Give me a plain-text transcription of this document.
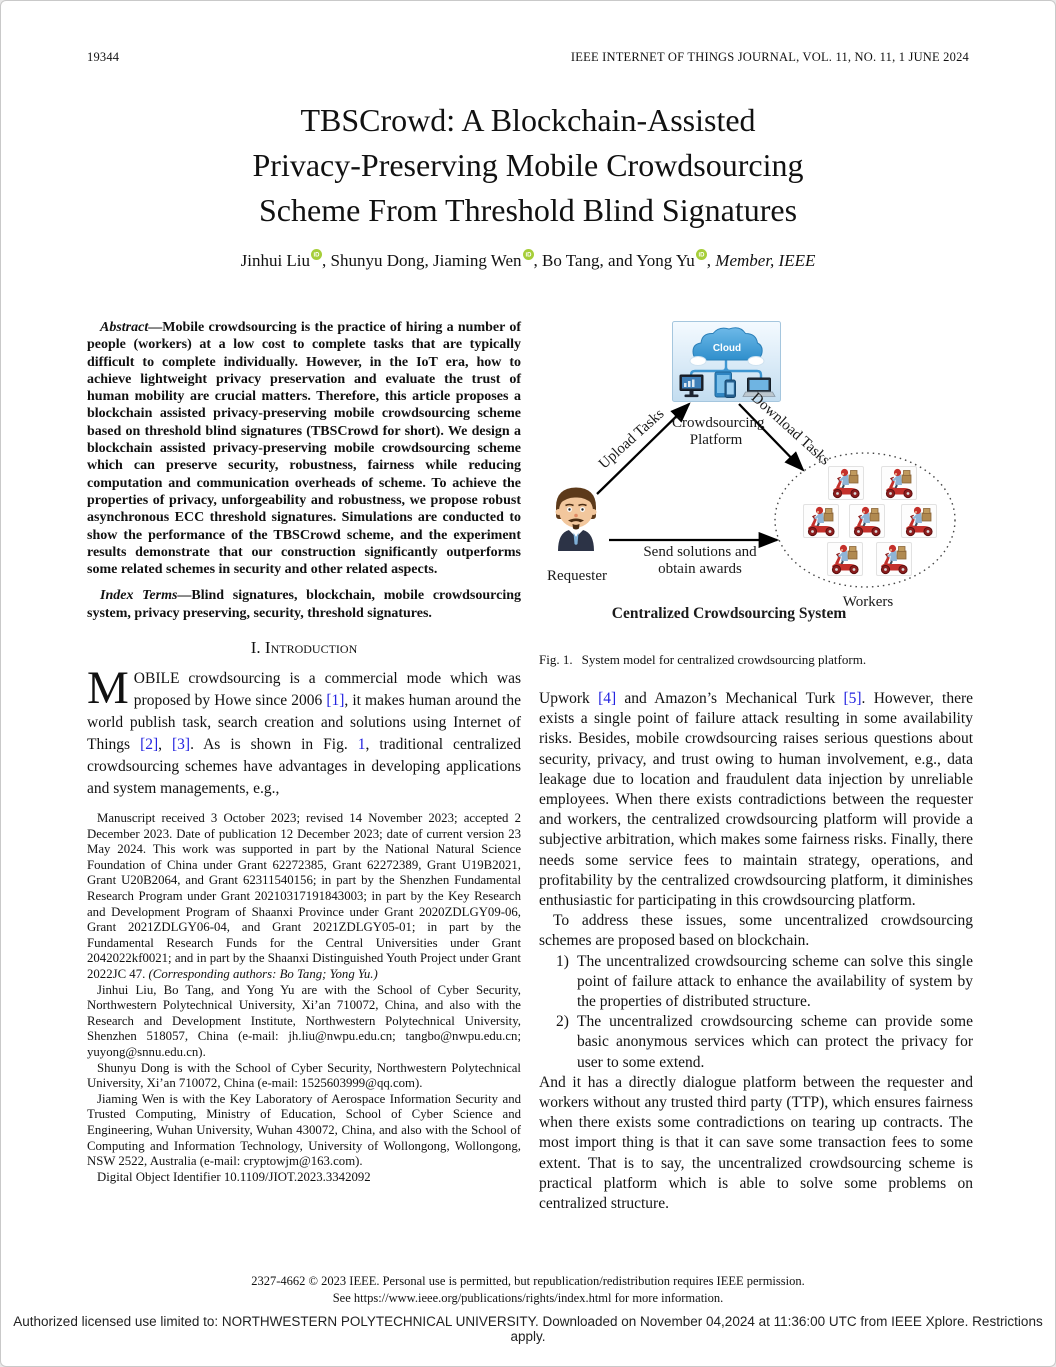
19344	IEEE INTERNET OF THINGS JOURNAL, VOL. 11, NO. 11, 1 JUNE 2024
TBSCrowd: A Blockchain-Assisted
Privacy-Preserving Mobile Crowdsourcing
Scheme From Threshold Blind Signatures
Jinhui Liu iD , Shunyu Dong, Jiaming Wen iD , Bo Tang, and Yong Yu iD , Member, IEEE

Abstract—Mobile crowdsourcing is the practice of hiring a number of people (workers) at a low cost to complete tasks that are typically difficult to complete individually. However, in the IoT era, how to achieve lightweight privacy preservation and evaluate the trust of human mobility are crucial matters. Therefore, this article proposes a blockchain assisted privacy-preserving mobile crowdsourcing scheme based on threshold blind signatures (TBSCrowd for short). We design a blockchain assisted privacy-preserving mobile crowdsourcing scheme which can preserve security, robustness, fairness while reducing computation and communication overheads of scheme. To achieve the properties of privacy, unforgeability and robustness, we propose robust asynchronous ECC threshold signatures. Simulations are conducted to show the performance of the TBSCrowd scheme, and the experiment results demonstrate that our construction significantly outperforms some related schemes in security and other related aspects.

Index Terms—Blind signatures, blockchain, mobile crowdsourcing system, privacy preserving, security, threshold signatures.

I. Introduction

MOBILE crowdsourcing is a commercial mode which was proposed by Howe since 2006 [1], it makes human around the world publish task, search creation and solutions using Internet of Things [2], [3]. As is shown in Fig. 1, traditional centralized crowdsourcing schemes have advantages in developing applications and system managements, e.g.,

Manuscript received 3 October 2023; revised 14 November 2023; accepted 2 December 2023. Date of publication 12 December 2023; date of current version 23 May 2024. This work was supported in part by the National Natural Science Foundation of China under Grant 62272385, Grant 62272389, Grant U19B2021, Grant U20B2064, and Grant 62311540156; in part by the Shenzhen Fundamental Research Program under Grant 20210317191843003; in part by the Key Research and Development Program of Shaanxi Province under Grant 2020ZDLGY09-06, Grant 2021ZDLGY06-04, and Grant 2021ZDLGY05-01; in part by the Fundamental Research Funds for the Central Universities under Grant 2042022kf0021; and in part by the Shaanxi Distinguished Youth Project under Grant 2022JC 47. (Corresponding authors: Bo Tang; Yong Yu.)

Jinhui Liu, Bo Tang, and Yong Yu are with the School of Cyber Security, Northwestern Polytechnical University, Xi’an 710072, China, and also with the Research and Development Institute, Northwestern Polytechnical University, Shenzhen 518057, China (e-mail: jh.liu@nwpu.edu.cn; tangbo@nwpu.edu.cn; yuyong@snnu.edu.cn).

Shunyu Dong is with the School of Cyber Security, Northwestern Polytechnical University, Xi’an 710072, China (e-mail: 1525603999@qq.com).

Jiaming Wen is with the Key Laboratory of Aerospace Information Security and Trusted Computing, Ministry of Education, School of Cyber Science and Engineering, Wuhan University, Wuhan 430072, China, and also with the School of Computing and Information Technology, University of Wollongong, Wollongong, NSW 2522, Australia (e-mail: cryptowjm@163.com).

Digital Object Identifier 10.1109/JIOT.2023.3342092

Cloud
Crowdsourcing
Platform
Upload Tasks	Download Tasks
Send solutions and
obtain awards
Requester
Workers
Centralized Crowdsourcing System
Fig. 1. System model for centralized crowdsourcing platform.

Upwork [4] and Amazon’s Mechanical Turk [5]. However, there exists a single point of failure attack resulting in some availability risks. Besides, mobile crowdsourcing raises serious questions about security, privacy, and trust owing to human involvement, e.g., data leakage due to location and fraudulent data injection by unreliable employees. When there exists contradictions between the requester and workers, the centralized crowdsourcing platform will provide a subjective arbitration, which makes some fairness risks. Finally, there needs some service fees to maintain strategy, operations, and profitability by the centralized crowdsourcing platform, it diminishes enthusiastic for participating in this crowdsourcing platform.

To address these issues, some uncentralized crowdsourcing schemes are proposed based on blockchain.

1) The uncentralized crowdsourcing scheme can solve this single point of failure attack to enhance the availability of system by the properties of distributed structure.
2) The uncentralized crowdsourcing scheme can provide some basic anonymous services which can protect the privacy for user to some extend.

And it has a directly dialogue platform between the requester and workers without any trusted third party (TTP), which ensures fairness when there exists some contradictions on tearing up contracts. The most import thing is that it can save some transaction fees to some extent. That is to say, the uncentralized crowdsourcing scheme is practical platform which is able to solve some problems on centralized structure.

2327-4662 © 2023 IEEE. Personal use is permitted, but republication/redistribution requires IEEE permission.
See https://www.ieee.org/publications/rights/index.html for more information.
Authorized licensed use limited to: NORTHWESTERN POLYTECHNICAL UNIVERSITY. Downloaded on November 04,2024 at 11:36:00 UTC from IEEE Xplore. Restrictions apply.
